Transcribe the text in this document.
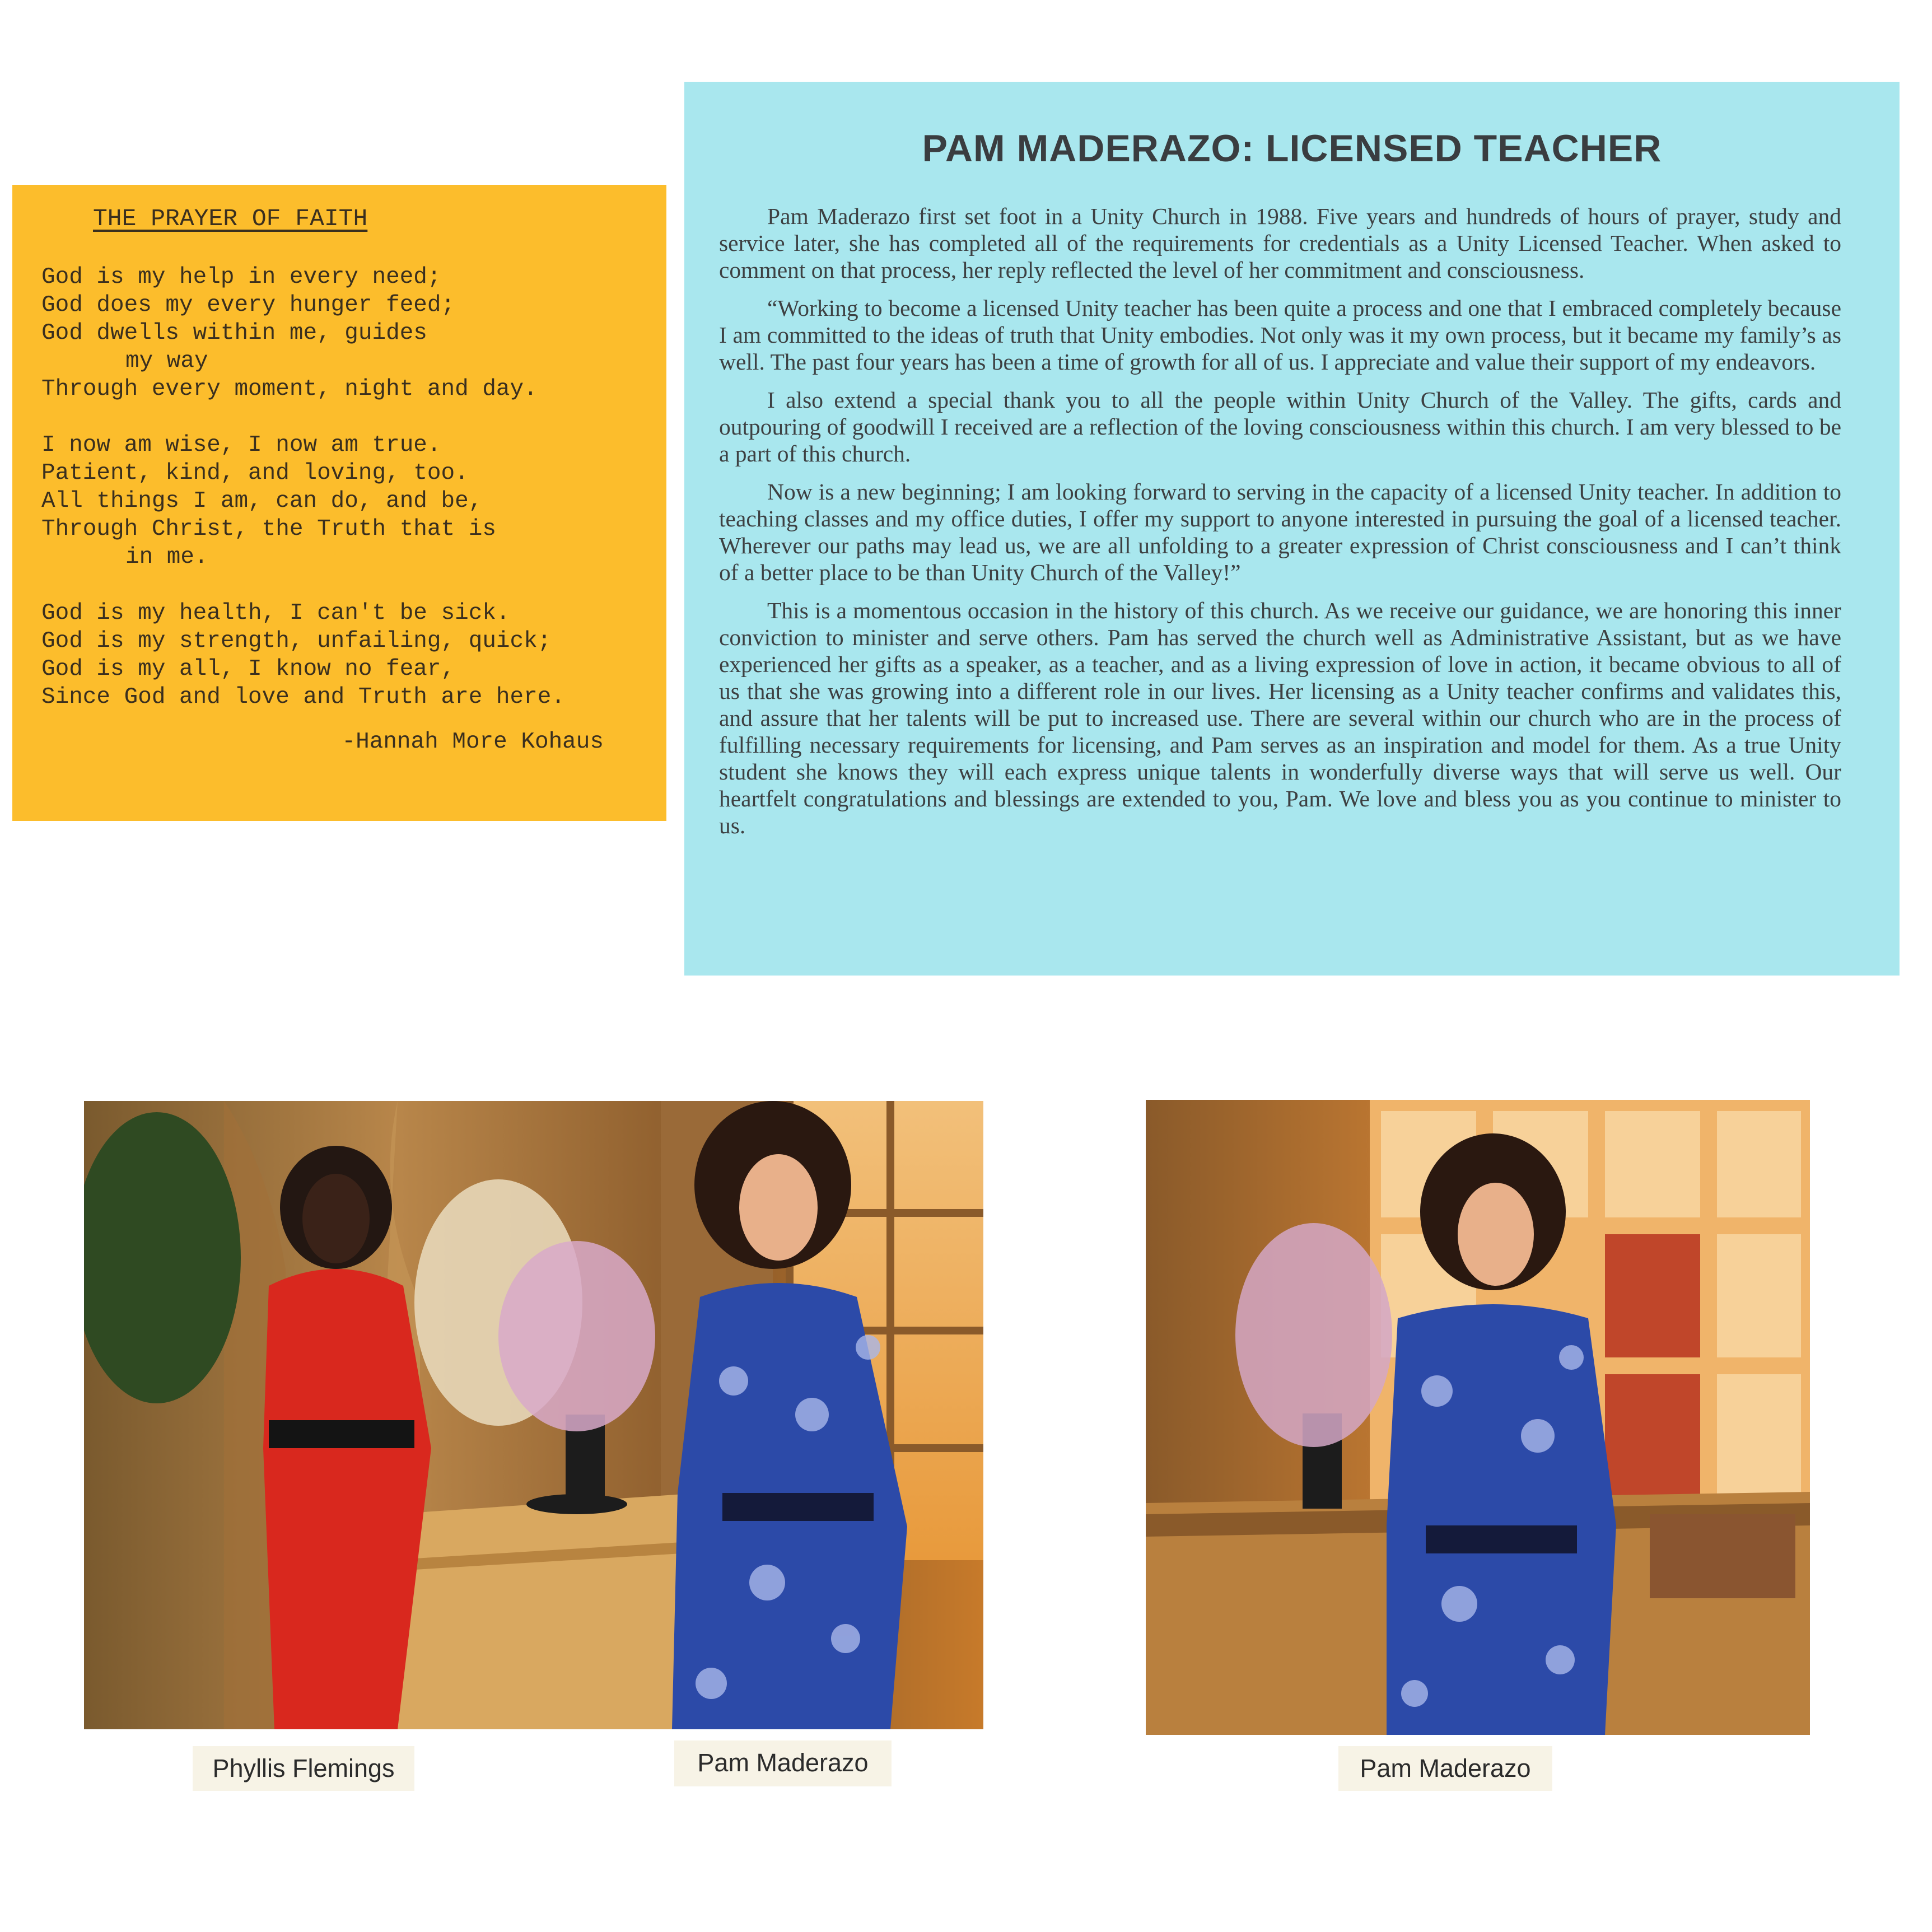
THE PRAYER OF FAITH
God is my help in every need;
God does my every hunger feed;
God dwells within me, guides
my way
Through every moment, night and day.
I now am wise, I now am true.
Patient, kind, and loving, too.
All things I am, can do, and be,
Through Christ, the Truth that is
in me.
God is my health, I can't be sick.
God is my strength, unfailing, quick;
God is my all, I know no fear,
Since God and love and Truth are here.

-Hannah More Kohaus

PAM MADERAZO: LICENSED TEACHER

Pam Maderazo first set foot in a Unity Church in 1988. Five years and hundreds of hours of prayer, study and service later, she has completed all of the requirements for credentials as a Unity Licensed Teacher. When asked to comment on that process, her reply reflected the level of her commitment and consciousness.

“Working to become a licensed Unity teacher has been quite a process and one that I embraced completely because I am committed to the ideas of truth that Unity embodies. Not only was it my own process, but it became my family’s as well. The past four years has been a time of growth for all of us. I appreciate and value their support of my endeavors.

I also extend a special thank you to all the people within Unity Church of the Valley. The gifts, cards and outpouring of goodwill I received are a reflection of the loving consciousness within this church. I am very blessed to be a part of this church.

Now is a new beginning; I am looking forward to serving in the capacity of a licensed Unity teacher. In addition to teaching classes and my office duties, I offer my support to anyone interested in pursuing the goal of a licensed teacher. Wherever our paths may lead us, we are all unfolding to a greater expression of Christ consciousness and I can’t think of a better place to be than Unity Church of the Valley!”

This is a momentous occasion in the history of this church. As we receive our guidance, we are honoring this inner conviction to minister and serve others. Pam has served the church well as Administrative Assistant, but as we have experienced her gifts as a speaker, as a teacher, and as a living expression of love in action, it became obvious to all of us that she was growing into a different role in our lives. Her licensing as a Unity teacher confirms and validates this, and assure that her talents will be put to increased use. There are several within our church who are in the process of fulfilling necessary requirements for licensing, and Pam serves as an inspiration and model for them. As a true Unity student she knows they will each express unique talents in wonderfully diverse ways that will serve us well. Our heartfelt congratulations and blessings are extended to you, Pam. We love and bless you as you continue to minister to us.

Phyllis Flemings	Pam Maderazo	Pam Maderazo
